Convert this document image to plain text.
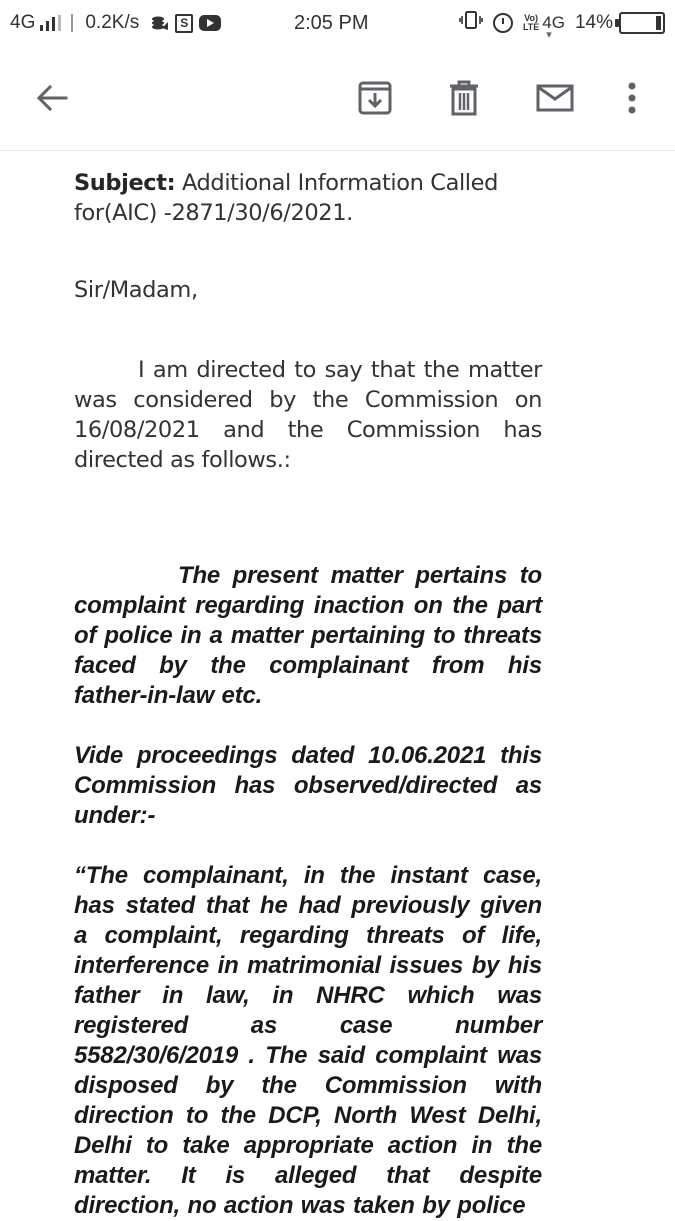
4G	0.2K/s	S	2:05 PM	Vo)
LTE 4G ▾ 14%

Subject: Additional Information Called for(AIC) -2871/30/6/2021.

Sir/Madam,

I am directed to say that the matter was considered by the Commission on 16/08/2021 and the Commission has directed as follows.:

The present matter pertains to complaint regarding inaction on the part of police in a matter pertaining to threats faced by the complainant from his father-in-law etc.

Vide proceedings dated 10.06.2021 this Commission has observed/directed as under:-

“The complainant, in the instant case, has stated that he had previously given a complaint, regarding threats of life, interference in matrimonial issues by his father in law, in NHRC which was registered as case number 5582/30/6/2019 . The said complaint was disposed by the Commission with direction to the DCP, North West Delhi, Delhi to take appropriate action in the matter. It is alleged that despite direction, no action was taken by police
